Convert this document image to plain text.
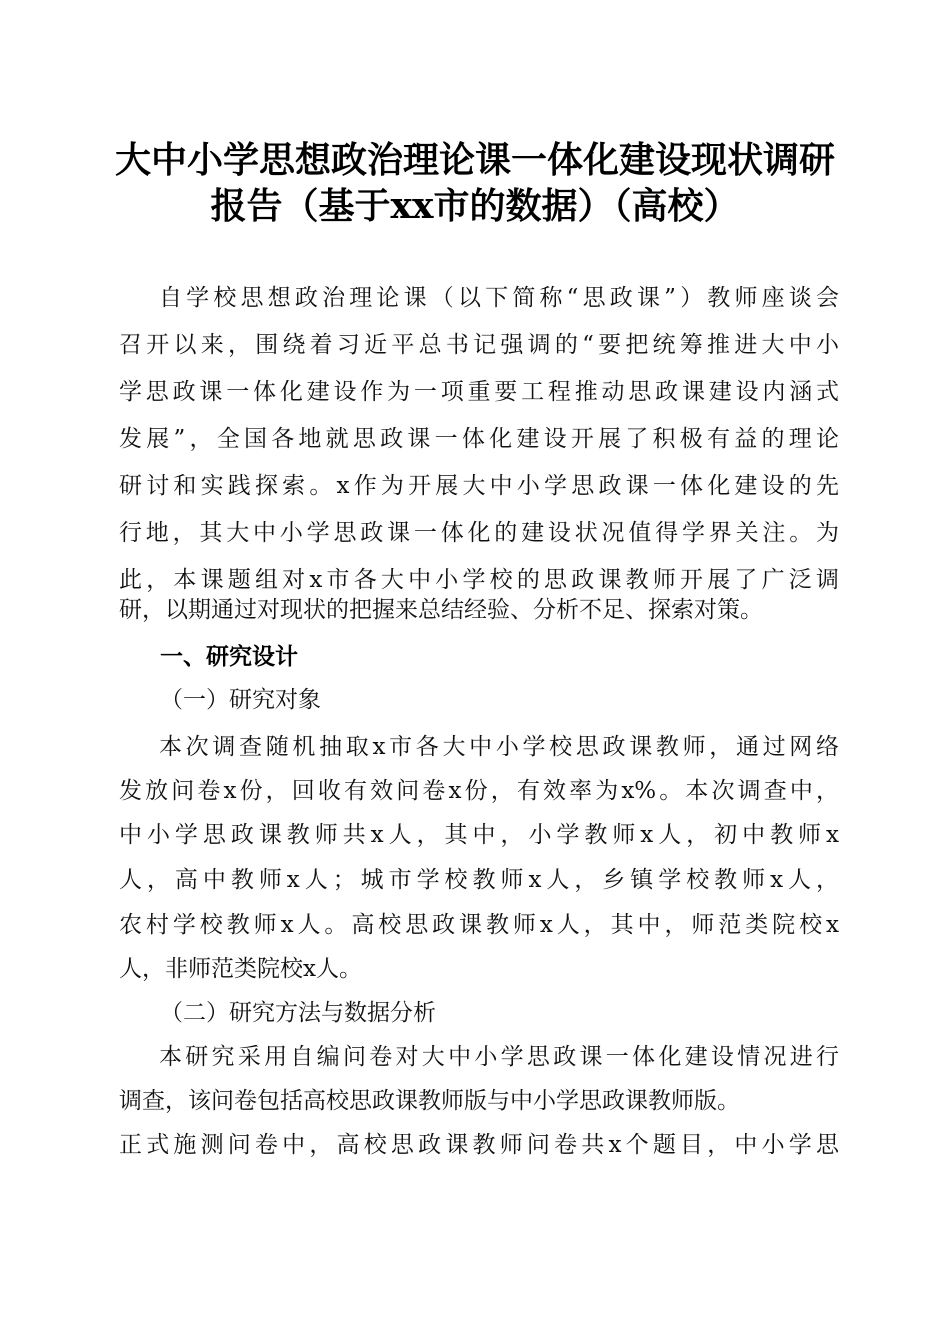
大中小学思想政治理论课一体化建设现状调研
报告（基于xx市的数据）（高校）
自学校思想政治理论课（以下简称“思政课”）教师座谈会
召开以来，围绕着习近平总书记强调的“要把统筹推进大中小
学思政课一体化建设作为一项重要工程推动思政课建设内涵式
发展”，全国各地就思政课一体化建设开展了积极有益的理论
研讨和实践探索。x作为开展大中小学思政课一体化建设的先
行地，其大中小学思政课一体化的建设状况值得学界关注。为
此，本课题组对x市各大中小学校的思政课教师开展了广泛调
研，以期通过对现状的把握来总结经验、分析不足、探索对策。
一、研究设计
（一）研究对象
本次调查随机抽取x市各大中小学校思政课教师，通过网络
发放问卷x份，回收有效问卷x份，有效率为x%。本次调查中，
中小学思政课教师共x人，其中，小学教师x人，初中教师x
人，高中教师x人；城市学校教师x人，乡镇学校教师x人，
农村学校教师x人。高校思政课教师x人，其中，师范类院校x
人，非师范类院校x人。
（二）研究方法与数据分析
本研究采用自编问卷对大中小学思政课一体化建设情况进行
调查，该问卷包括高校思政课教师版与中小学思政课教师版。
正式施测问卷中，高校思政课教师问卷共x个题目，中小学思
